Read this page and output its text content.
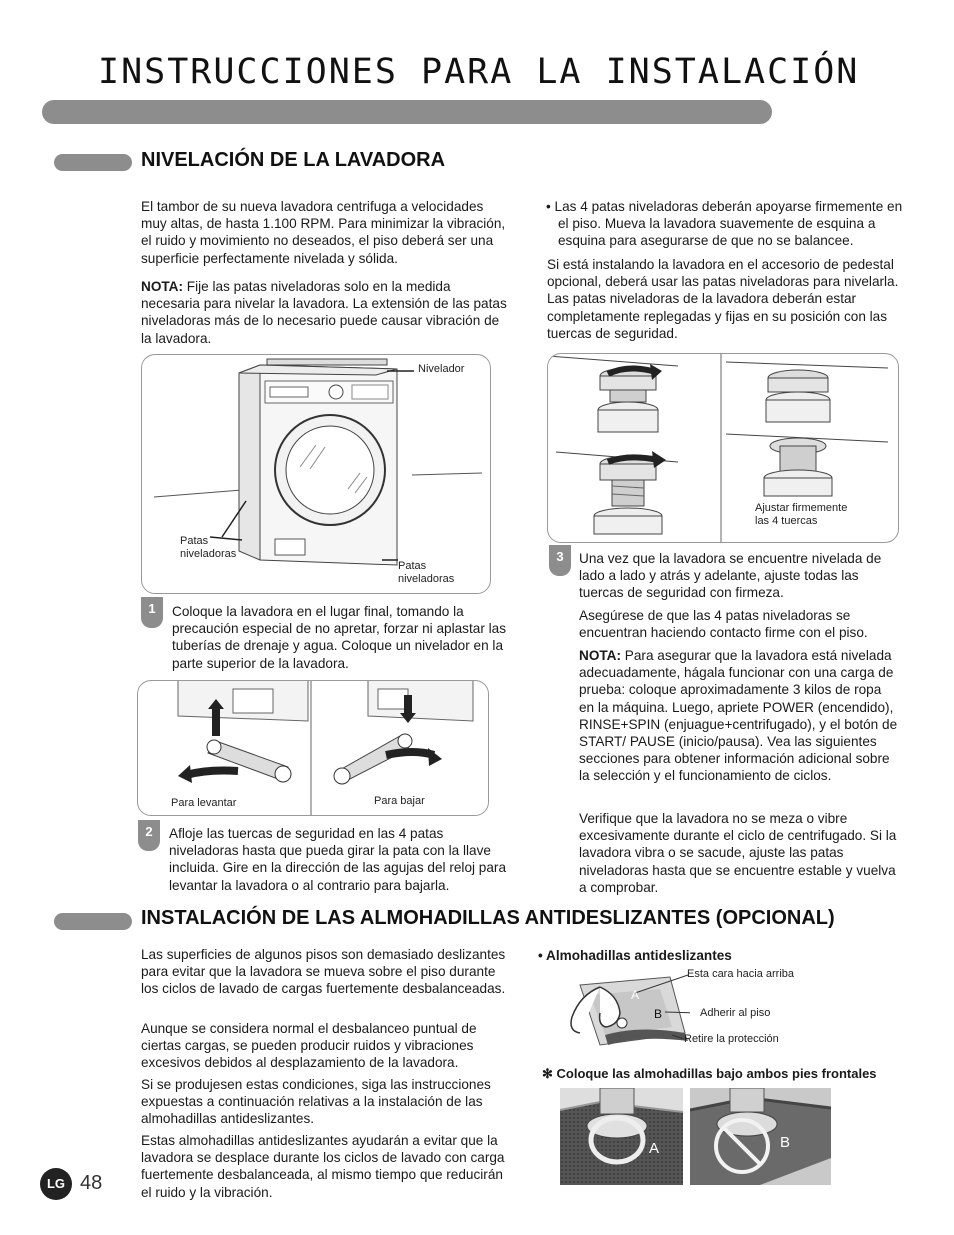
INSTRUCCIONES PARA LA INSTALACIÓN
NIVELACIÓN DE LA LAVADORA

El tambor de su nueva lavadora centrifuga a velocidades muy altas, de hasta 1.100 RPM. Para minimizar la vibración, el ruido y movimiento no deseados, el piso deberá ser una superficie perfectamente nivelada y sólida.

NOTA: Fije las patas niveladoras solo en la medida necesaria para nivelar la lavadora. La extensión de las patas niveladoras más de lo necesario puede causar vibración de la lavadora.

Nivelador
Patas
niveladoras
Patas
niveladoras
1	Coloque la lavadora en el lugar final, tomando la precaución especial de no apretar, forzar ni aplastar las tuberías de drenaje y agua. Coloque un nivelador en la parte superior de la lavadora.

Para levantar	Para bajar
2	Afloje las tuercas de seguridad en las 4 patas niveladoras hasta que pueda girar la pata con la llave incluida. Gire en la dirección de las agujas del reloj para levantar la lavadora o al contrario para bajarla.

• Las 4 patas niveladoras deberán apoyarse firmemente en el piso. Mueva la lavadora suavemente de esquina a esquina para asegurarse de que no se balancee.

Si está instalando la lavadora en el accesorio de pedestal opcional, deberá usar las patas niveladoras para nivelarla. Las patas niveladoras de la lavadora deberán estar completamente replegadas y fijas en su posición con las tuercas de seguridad.

Ajustar firmemente
las 4 tuercas
3	Una vez que la lavadora se encuentre nivelada de lado a lado y atrás y adelante, ajuste todas las tuercas de seguridad con firmeza.

Asegúrese de que las 4 patas niveladoras se encuentran haciendo contacto firme con el piso.

NOTA: Para asegurar que la lavadora está nivelada adecuadamente, hágala funcionar con una carga de prueba: coloque aproximadamente 3 kilos de ropa en la máquina. Luego, apriete POWER (encendido), RINSE+SPIN (enjuague+centrifugado), y el botón de START/ PAUSE (inicio/pausa). Vea las siguientes secciones para obtener información adicional sobre la selección y el funcionamiento de ciclos.

Verifique que la lavadora no se meza o vibre excesivamente durante el ciclo de centrifugado. Si la lavadora vibra o se sacude, ajuste las patas niveladoras hasta que se encuentre estable y vuelva a comprobar.

INSTALACIÓN DE LAS ALMOHADILLAS ANTIDESLIZANTES (OPCIONAL)

Las superficies de algunos pisos son demasiado deslizantes para evitar que la lavadora se mueva sobre el piso durante los ciclos de lavado de cargas fuertemente desbalanceadas.

Aunque se considera normal el desbalanceo puntual de ciertas cargas, se pueden producir ruidos y vibraciones excesivos debidos al desplazamiento de la lavadora.

Si se produjesen estas condiciones, siga las instrucciones expuestas a continuación relativas a la instalación de las almohadillas antideslizantes.

Estas almohadillas antideslizantes ayudarán a evitar que la lavadora se desplace durante los ciclos de lavado con carga fuertemente desbalanceada, al mismo tiempo que reducirán el ruido y la vibración.

• Almohadillas antideslizantes
A
B
Esta cara hacia arriba
Adherir al piso
Retire la protección
✻ Coloque las almohadillas bajo ambos pies frontales
A	B
LG 48
